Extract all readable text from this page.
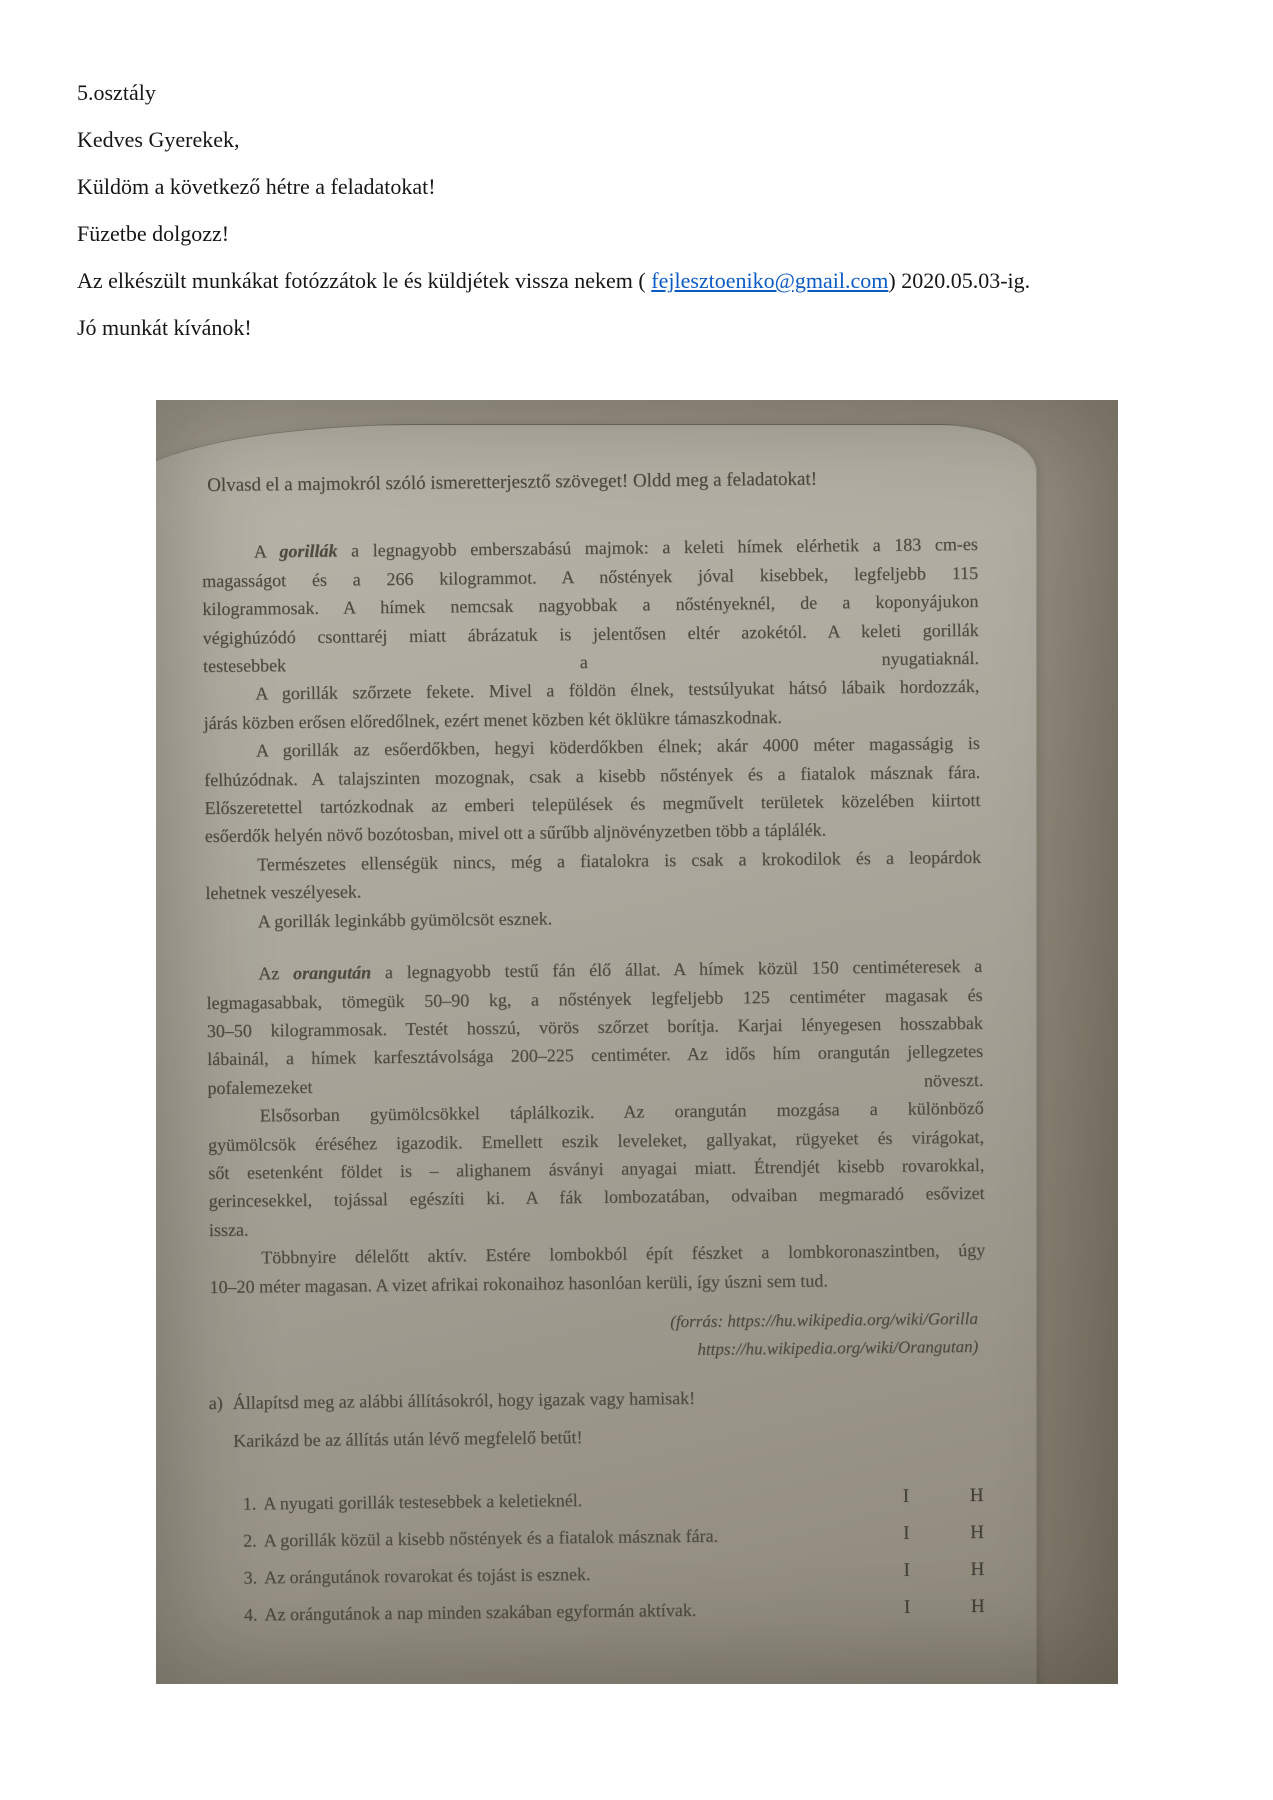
5.osztály

Kedves Gyerekek,

Küldöm a következő hétre a feladatokat!

Füzetbe dolgozz!

Az elkészült munkákat fotózzátok le és küldjétek vissza nekem ( fejlesztoeniko@gmail.com) 2020.05.03-ig.

Jó munkát kívánok!

Olvasd el a majmokról szóló ismeretterjesztő szöveget! Oldd meg a feladatokat!

A gorillák a legnagyobb emberszabású majmok: a keleti hímek elérhetik a 183 cm-es
magasságot és a 266 kilogrammot. A nőstények jóval kisebbek, legfeljebb 115
kilogrammosak. A hímek nemcsak nagyobbak a nőstényeknél, de a koponyájukon
végighúzódó csonttaréj miatt ábrázatuk is jelentősen eltér azokétól. A keleti gorillák
testesebbek a nyugatiaknál.
A gorillák szőrzete fekete. Mivel a földön élnek, testsúlyukat hátsó lábaik hordozzák,
járás közben erősen előredőlnek, ezért menet közben két öklükre támaszkodnak.
A gorillák az esőerdőkben, hegyi köderdőkben élnek; akár 4000 méter magasságig is
felhúzódnak. A talajszinten mozognak, csak a kisebb nőstények és a fiatalok másznak fára.
Előszeretettel tartózkodnak az emberi települések és megművelt területek közelében kiirtott
esőerdők helyén növő bozótosban, mivel ott a sűrűbb aljnövényzetben több a táplálék.
Természetes ellenségük nincs, még a fiatalokra is csak a krokodilok és a leopárdok
lehetnek veszélyesek.
A gorillák leginkább gyümölcsöt esznek.
Az orangután a legnagyobb testű fán élő állat. A hímek közül 150 centiméteresek a
legmagasabbak, tömegük 50–90 kg, a nőstények legfeljebb 125 centiméter magasak és
30–50 kilogrammosak. Testét hosszú, vörös szőrzet borítja. Karjai lényegesen hosszabbak
lábainál, a hímek karfesztávolsága 200–225 centiméter. Az idős hím orangután jellegzetes
pofalemezeket növeszt.
Elsősorban gyümölcsökkel táplálkozik. Az orangután mozgása a különböző
gyümölcsök éréséhez igazodik. Emellett eszik leveleket, gallyakat, rügyeket és virágokat,
sőt esetenként földet is – alighanem ásványi anyagai miatt. Étrendjét kisebb rovarokkal,
gerincesekkel, tojással egészíti ki. A fák lombozatában, odvaiban megmaradó esővizet
issza.
Többnyire délelőtt aktív. Estére lombokból épít fészket a lombkoronaszintben, úgy
10–20 méter magasan. A vizet afrikai rokonaihoz hasonlóan kerüli, így úszni sem tud.
(forrás: https://hu.wikipedia.org/wiki/Gorilla
https://hu.wikipedia.org/wiki/Orangutan)
a) Állapítsd meg az alábbi állításokról, hogy igazak vagy hamisak!
Karikázd be az állítás után lévő megfelelő betűt!
1. A nyugati gorillák testesebbek a keletieknél.	I	H
2. A gorillák közül a kisebb nőstények és a fiatalok másznak fára.	I	H
3. Az orángutánok rovarokat és tojást is esznek.	I	H
4. Az orángutánok a nap minden szakában egyformán aktívak.	I	H
